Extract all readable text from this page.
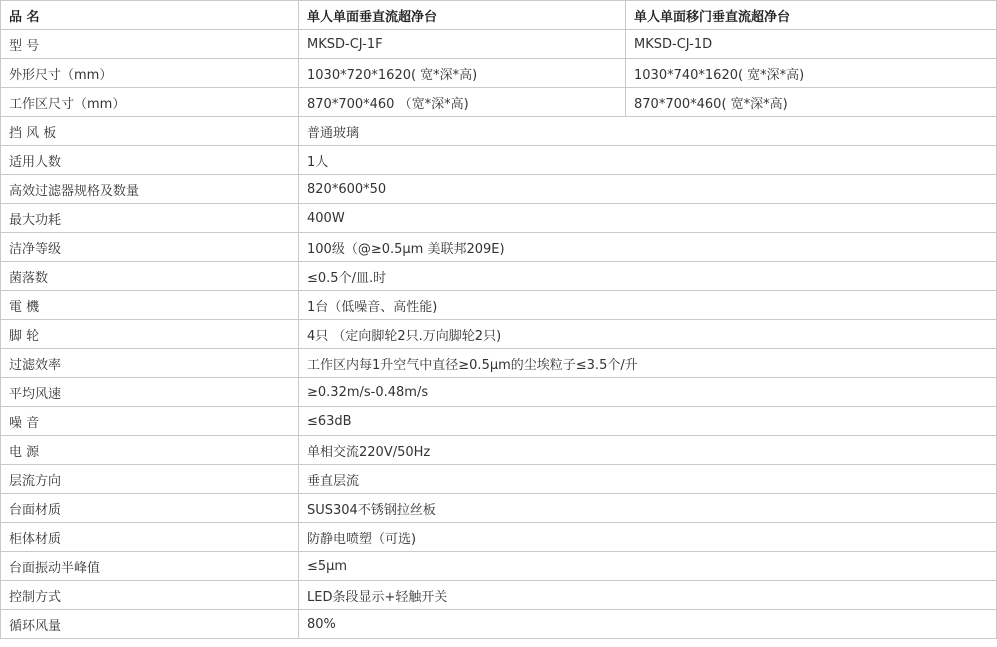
品 名	单人单面垂直流超净台	单人单面移门垂直流超净台
型 号	MKSD-CJ-1F	MKSD-CJ-1D
外形尺寸（mm）	1030*720*1620( 宽*深*高)	1030*740*1620( 宽*深*高)
工作区尺寸（mm）	870*700*460 （宽*深*高)	870*700*460( 宽*深*高)
挡 风 板	普通玻璃	
适用人数	1人	
高效过滤器规格及数量	820*600*50	
最大功耗	400W	
洁净等级	100级（@≥0.5μm 美联邦209E)	
菌落数	≤0.5个/皿.时	
電 機	1台（低噪音、高性能)	
脚 轮	4只 （定向脚轮2只.万向脚轮2只)	
过滤效率	工作区内每1升空气中直径≥0.5μm的尘埃粒子≤3.5个/升	
平均风速	≥0.32m/s-0.48m/s	
噪 音	≤63dB	
电 源	单相交流220V/50Hz	
层流方向	垂直层流	
台面材质	SUS304不锈钢拉丝板	
柜体材质	防静电喷塑（可选)	
台面振动半峰值	≤5μm	
控制方式	LED条段显示+轻触开关	
循环风量	80%	
